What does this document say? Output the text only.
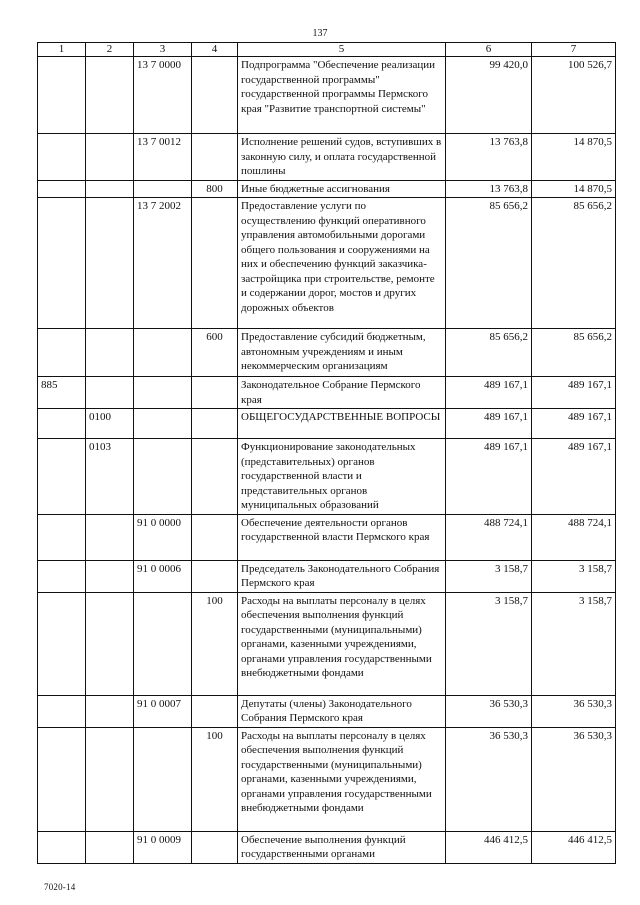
137
1	2	3	4	5	6	7
		13 7 0000		Подпрограмма "Обеспечение реализации государственной программы" государственной программы Пермского края "Развитие транспортной системы"	99 420,0	100 526,7
		13 7 0012		Исполнение решений судов, вступивших в законную силу, и оплата государственной пошлины	13 763,8	14 870,5
			800	Иные бюджетные ассигнования	13 763,8	14 870,5
		13 7 2002		Предоставление услуги по осуществлению функций оперативного управления автомобильными дорогами общего пользования и сооружениями на них и обеспечению функций заказчика-застройщика при строительстве, ремонте и содержании дорог, мостов и других дорожных объектов	85 656,2	85 656,2
			600	Предоставление субсидий бюджетным, автономным учреждениям и иным некоммерческим организациям	85 656,2	85 656,2
885				Законодательное Собрание Пермского края	489 167,1	489 167,1
	0100			ОБЩЕГОСУДАРСТВЕННЫЕ ВОПРОСЫ	489 167,1	489 167,1
	0103			Функционирование законодательных (представительных) органов государственной власти и представительных органов муниципальных образований	489 167,1	489 167,1
		91 0 0000		Обеспечение деятельности органов государственной власти Пермского края	488 724,1	488 724,1
		91 0 0006		Председатель Законодательного Собрания Пермского края	3 158,7	3 158,7
			100	Расходы на выплаты персоналу в целях обеспечения выполнения функций государственными (муниципальными) органами, казенными учреждениями, органами управления государственными внебюджетными фондами	3 158,7	3 158,7
		91 0 0007		Депутаты (члены) Законодательного Собрания Пермского края	36 530,3	36 530,3
			100	Расходы на выплаты персоналу в целях обеспечения выполнения функций государственными (муниципальными) органами, казенными учреждениями, органами управления государственными внебюджетными фондами	36 530,3	36 530,3
		91 0 0009		Обеспечение выполнения функций государственными органами	446 412,5	446 412,5
7020-14
